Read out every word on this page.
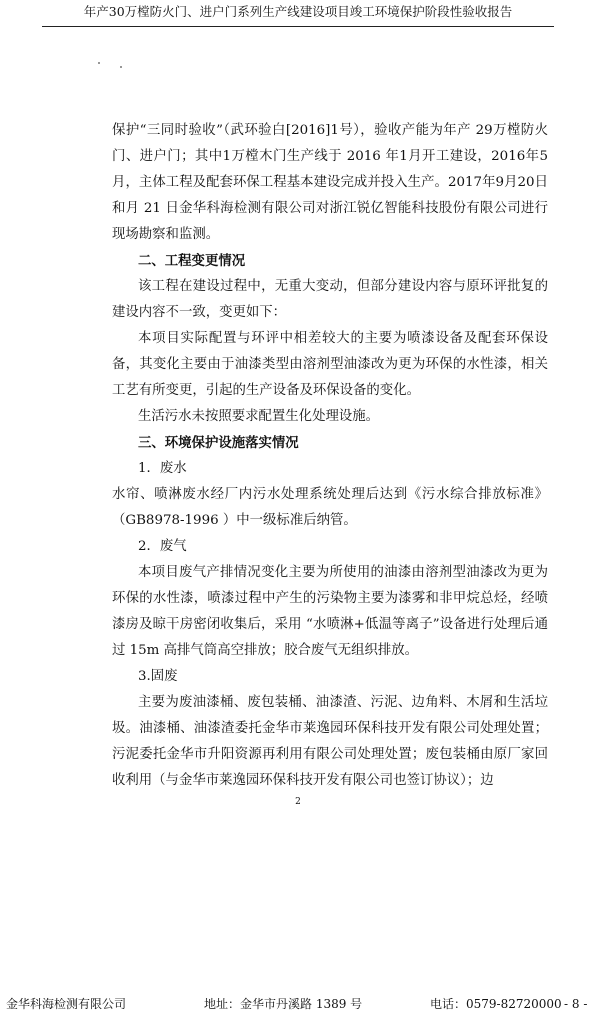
年产30万樘防火门、进户门系列生产线建设项目竣工环境保护阶段性验收报告

保护“三同时验收”（武环验白[2016]1号），验收产能为年产 29万樘防火门、进户门；其中1万樘木门生产线于 2016 年1月开工建设，2016年5月，主体工程及配套环保工程基本建设完成并投入生产。2017年9月20日和月 21 日金华科海检测有限公司对浙江锐亿智能科技股份有限公司进行现场勘察和监测。

二、工程变更情况

该工程在建设过程中，无重大变动，但部分建设内容与原环评批复的建设内容不一致，变更如下：

本项目实际配置与环评中相差较大的主要为喷漆设备及配套环保设备，其变化主要由于油漆类型由溶剂型油漆改为更为环保的水性漆，相关工艺有所变更，引起的生产设备及环保设备的变化。

生活污水未按照要求配置生化处理设施。

三、环境保护设施落实情况

1．废水

水帘、喷淋废水经厂内污水处理系统处理后达到《污水综合排放标准》（GB8978-1996 ）中一级标准后纳管。

2．废气

本项目废气产排情况变化主要为所使用的油漆由溶剂型油漆改为更为环保的水性漆，喷漆过程中产生的污染物主要为漆雾和非甲烷总烃，经喷漆房及晾干房密闭收集后，采用 “水喷淋+低温等离子”设备进行处理后通过 15m 高排气筒高空排放；胶合废气无组织排放。

3.固废

主要为废油漆桶、废包装桶、油漆渣、污泥、边角料、木屑和生活垃圾。油漆桶、油漆渣委托金华市莱逸园环保科技开发有限公司处理处置；污泥委托金华市升阳资源再利用有限公司处理处置；废包装桶由原厂家回收利用（与金华市莱逸园环保科技开发有限公司也签订协议）；边

2
金华科海检测有限公司	地址：金华市丹溪路 1389 号	电话：0579-82720000 - 8 -
